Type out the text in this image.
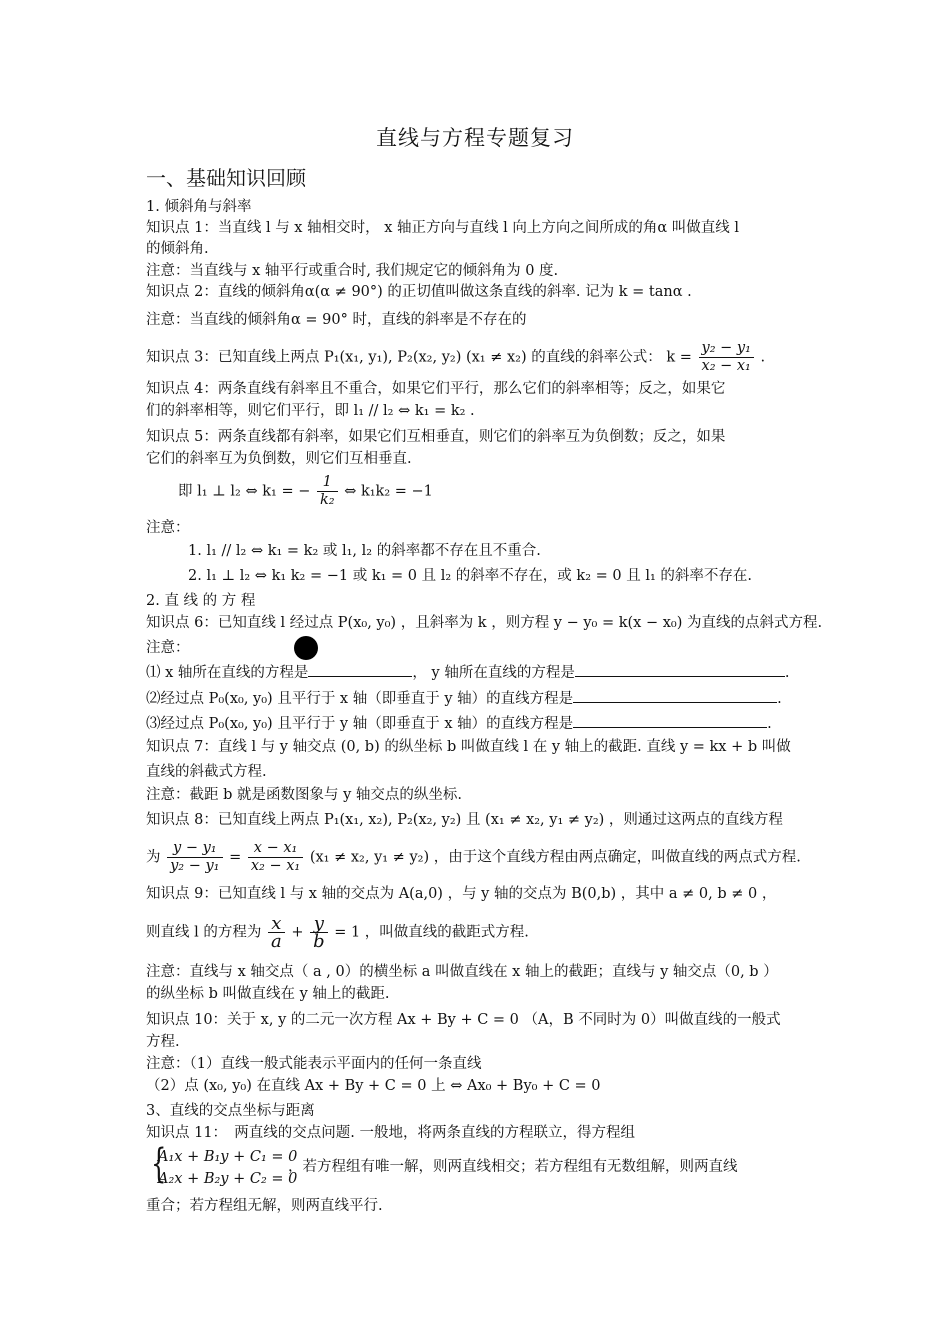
直线与方程专题复习
一、基础知识回顾
1. 倾斜角与斜率
知识点 1：当直线 l 与 x 轴相交时， x 轴正方向与直线 l 向上方向之间所成的角α 叫做直线 l
的倾斜角.
注意：当直线与 x 轴平行或重合时, 我们规定它的倾斜角为 0 度.
知识点 2：直线的倾斜角α(α ≠ 90°) 的正切值叫做这条直线的斜率. 记为 k = tanα .
注意：当直线的倾斜角α = 90° 时，直线的斜率是不存在的
知识点 3：已知直线上两点 P₁(x₁, y₁), P₂(x₂, y₂) (x₁ ≠ x₂) 的直线的斜率公式： $k = \frac{\text{y₂ − y₁}}{\text{x₂ − x₁}}$ .
知识点 4：两条直线有斜率且不重合，如果它们平行，那么它们的斜率相等；反之，如果它
们的斜率相等，则它们平行，即 l₁ // l₂ ⇔ k₁ = k₂ .
知识点 5：两条直线都有斜率，如果它们互相垂直，则它们的斜率互为负倒数；反之，如果
它们的斜率互为负倒数，则它们互相垂直.
即 l₁ ⊥ l₂ ⇔ k₁ = − $\frac{1}{\text{k₂}}$ ⇔ k₁k₂ = −1
注意：
1. l₁ // l₂ ⇔ k₁ = k₂ 或 l₁, l₂ 的斜率都不存在且不重合.
2. l₁ ⊥ l₂ ⇔ k₁ k₂ = −1 或 k₁ = 0 且 l₂ 的斜率不存在，或 k₂ = 0 且 l₁ 的斜率不存在.
2. 直 线 的 方 程
知识点 6：已知直线 l 经过点 P(x₀, y₀) ，且斜率为 k ，则方程 y − y₀ = k(x − x₀) 为直线的点斜式方程.
注意：
⑴ x 轴所在直线的方程是	， y 轴所在直线的方程是	.
⑵经过点 P₀(x₀, y₀) 且平行于 x 轴（即垂直于 y 轴）的直线方程是	.
⑶经过点 P₀(x₀, y₀) 且平行于 y 轴（即垂直于 x 轴）的直线方程是	.
知识点 7：直线 l 与 y 轴交点 (0, b) 的纵坐标 b 叫做直线 l 在 y 轴上的截距. 直线 y = kx + b 叫做
直线的斜截式方程.
注意：截距 b 就是函数图象与 y 轴交点的纵坐标.
知识点 8：已知直线上两点 P₁(x₁, x₂), P₂(x₂, y₂) 且 (x₁ ≠ x₂, y₁ ≠ y₂) ，则通过这两点的直线方程
为 $\frac{\text{y − y₁}}{\text{y₂ − y₁}} = \frac{\text{x − x₁}}{\text{x₂ − x₁}} (x_1 \ne x_2$, y₁ ≠ y₂) ，由于这个直线方程由两点确定，叫做直线的两点式方程.
知识点 9：已知直线 l 与 x 轴的交点为 A(a,0) ，与 y 轴的交点为 B(0,b) ，其中 a ≠ 0, b ≠ 0 ，
则直线 l 的方程为 $\frac{x}{a} + \frac{y}{b} = 1$ ，叫做直线的截距式方程.
注意：直线与 x 轴交点（ a , 0）的横坐标 a 叫做直线在 x 轴上的截距；直线与 y 轴交点（0, b ）
的纵坐标 b 叫做直线在 y 轴上的截距.
知识点 10：关于 x, y 的二元一次方程 Ax + By + C = 0 （A，B 不同时为 0）叫做直线的一般式
方程.
注意：（1）直线一般式能表示平面内的任何一条直线
（2）点 (x₀, y₀) 在直线 Ax + By + C = 0 上 ⇔ Ax₀ + By₀ + C = 0
3、直线的交点坐标与距离
知识点 11：　两直线的交点问题. 一般地，将两条直线的方程联立，得方程组
{
A₁x + B₁y + C₁ = 0
A₂x + B₂y + C₂ = 0
，若方程组有唯一解，则两直线相交；若方程组有无数组解，则两直线
重合；若方程组无解，则两直线平行.
